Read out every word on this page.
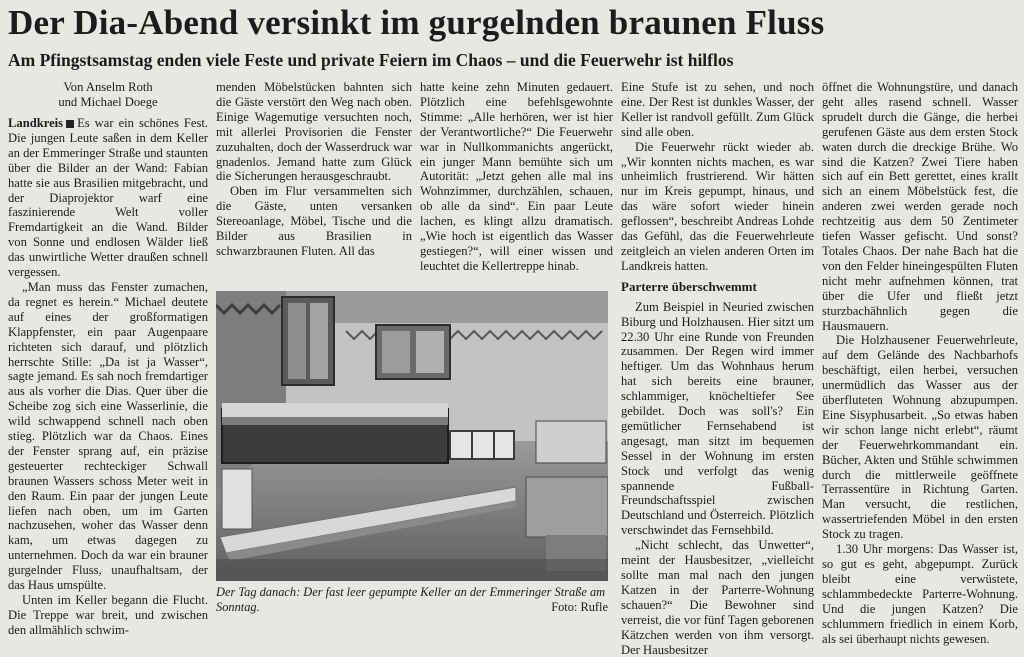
Der Dia-Abend versinkt im gurgelnden braunen Fluss
Am Pfingstsamstag enden viele Feste und private Feiern im Chaos – und die Feuerwehr ist hilflos

Von Anselm Roth
und Michael Doege

Landkreis Es war ein schönes Fest. Die jungen Leute saßen in dem Keller an der Emmeringer Straße und staunten über die Bilder an der Wand: Fabian hatte sie aus Brasilien mitgebracht, und der Diaprojektor warf eine faszinierende Welt voller Fremdartigkeit an die Wand. Bilder von Sonne und endlosen Wälder ließ das unwirtliche Wetter draußen schnell vergessen.

„Man muss das Fenster zumachen, da regnet es herein.“ Michael deutete auf eines der großformatigen Klappfenster, ein paar Augenpaare richteten sich darauf, und plötzlich herrschte Stille: „Da ist ja Wasser“, sagte jemand. Es sah noch fremdartiger aus als vorher die Dias. Quer über die Scheibe zog sich eine Wasserlinie, die wild schwappend schnell nach oben stieg. Plötzlich war da Chaos. Eines der Fenster sprang auf, ein präzise gesteuerter rechteckiger Schwall braunen Wassers schoss Meter weit in den Raum. Ein paar der jungen Leute liefen nach oben, um im Garten nachzusehen, woher das Wasser denn kam, um etwas dagegen zu unternehmen. Doch da war ein brauner gurgelnder Fluss, unaufhaltsam, der das Haus umspülte.

Unten im Keller begann die Flucht. Die Treppe war breit, und zwischen den allmählich schwim-

menden Möbelstücken bahnten sich die Gäste verstört den Weg nach oben. Einige Wagemutige versuchten noch, mit allerlei Provisorien die Fenster zuzuhalten, doch der Wasserdruck war gnadenlos. Jemand hatte zum Glück die Sicherungen herausgeschraubt.

Oben im Flur versammelten sich die Gäste, unten versanken Stereoanlage, Möbel, Tische und die Bilder aus Brasilien in schwarzbraunen Fluten. All das

hatte keine zehn Minuten gedauert. Plötzlich eine befehlsgewohnte Stimme: „Alle herhören, wer ist hier der Verantwortliche?“ Die Feuerwehr war in Nullkommanichts angerückt, ein junger Mann bemühte sich um Autorität: „Jetzt gehen alle mal ins Wohnzimmer, durchzählen, schauen, ob alle da sind“. Ein paar Leute lachen, es klingt allzu dramatisch. „Wie hoch ist eigentlich das Wasser gestiegen?“, will einer wissen und leuchtet die Kellertreppe hinab.

Eine Stufe ist zu sehen, und noch eine. Der Rest ist dunkles Wasser, der Keller ist randvoll gefüllt. Zum Glück sind alle oben.

Die Feuerwehr rückt wieder ab. „Wir konnten nichts machen, es war unheimlich frustrierend. Wir hätten nur im Kreis gepumpt, hinaus, und das wäre sofort wieder hinein geflossen“, beschreibt Andreas Lohde das Gefühl, das die Feuerwehrleute zeitgleich an vielen anderen Orten im Landkreis hatten.

Parterre überschwemmt

Zum Beispiel in Neuried zwischen Biburg und Holzhausen. Hier sitzt um 22.30 Uhr eine Runde von Freunden zusammen. Der Regen wird immer heftiger. Um das Wohnhaus herum hat sich bereits eine brauner, schlammiger, knöcheltiefer See gebildet. Doch was soll's? Ein gemütlicher Fernsehabend ist angesagt, man sitzt im bequemen Sessel in der Wohnung im ersten Stock und verfolgt das wenig spannende Fußball-Freundschaftsspiel zwischen Deutschland und Österreich. Plötzlich verschwindet das Fernsehbild.

„Nicht schlecht, das Unwetter“, meint der Hausbesitzer, „vielleicht sollte man mal nach den jungen Katzen in der Parterre-Wohnung schauen?“ Die Bewohner sind verreist, die vor fünf Tagen geborenen Kätzchen werden von ihm versorgt. Der Hausbesitzer

öffnet die Wohnungstüre, und danach geht alles rasend schnell. Wasser sprudelt durch die Gänge, die herbei gerufenen Gäste aus dem ersten Stock waten durch die dreckige Brühe. Wo sind die Katzen? Zwei Tiere haben sich auf ein Bett gerettet, eines krallt sich an einem Möbelstück fest, die anderen zwei werden gerade noch rechtzeitig aus dem 50 Zentimeter tiefen Wasser gefischt. Und sonst? Totales Chaos. Der nahe Bach hat die von den Felder hineingespülten Fluten nicht mehr aufnehmen können, trat über die Ufer und fließt jetzt sturzbachähnlich gegen die Hausmauern.

Die Holzhausener Feuerwehrleute, auf dem Gelände des Nachbarhofs beschäftigt, eilen herbei, versuchen unermüdlich das Wasser aus der überfluteten Wohnung abzupumpen. Eine Sisyphusarbeit. „So etwas haben wir schon lange nicht erlebt“, räumt der Feuerwehrkommandant ein. Bücher, Akten und Stühle schwimmen durch die mittlerweile geöffnete Terrassentüre in Richtung Garten. Man versucht, die restlichen, wassertriefenden Möbel in den ersten Stock zu tragen.

1.30 Uhr morgens: Das Wasser ist, so gut es geht, abgepumpt. Zurück bleibt eine verwüstete, schlammbedeckte Parterre-Wohnung. Und die jungen Katzen? Die schlummern friedlich in einem Korb, als sei überhaupt nichts gewesen.

Der Tag danach: Der fast leer gepumpte Keller an der Emmeringer Straße am Sonntag.	Foto: Rufle
